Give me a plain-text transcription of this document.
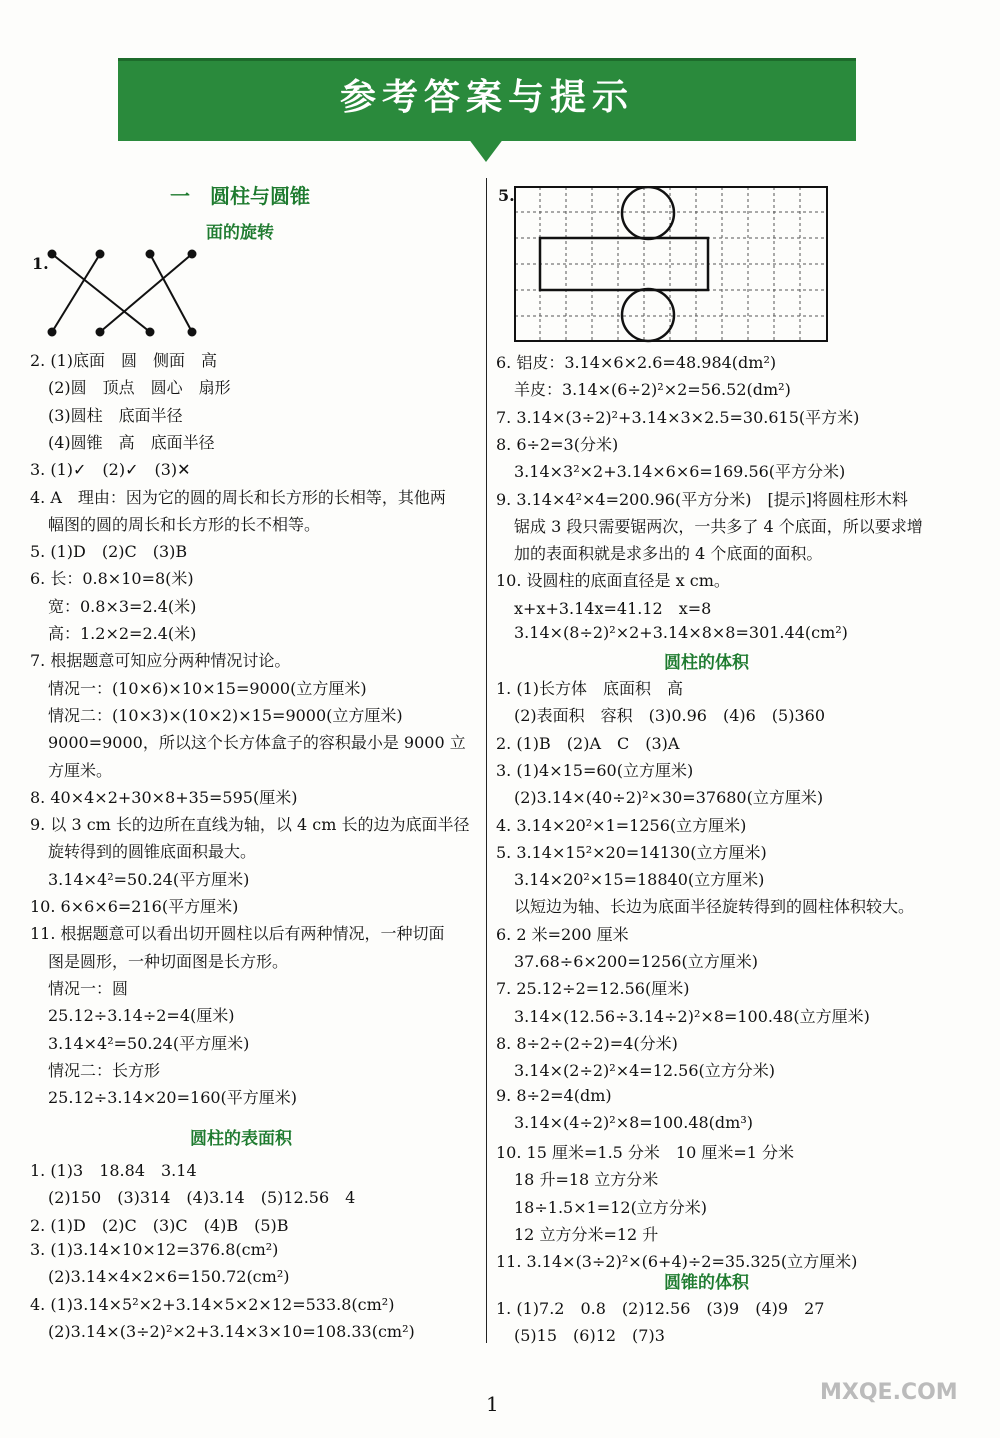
参考答案与提示
一　圆柱与圆锥
面的旋转
1.
2. (1)底面　圆　侧面　高
(2)圆　顶点　圆心　扇形
(3)圆柱　底面半径
(4)圆锥　高　底面半径
3. (1)✓　(2)✓　(3)✕
4. A　理由：因为它的圆的周长和长方形的长相等，其他两
幅图的圆的周长和长方形的长不相等。
5. (1)D　(2)C　(3)B
6. 长：0.8×10=8(米)
宽：0.8×3=2.4(米)
高：1.2×2=2.4(米)
7. 根据题意可知应分两种情况讨论。
情况一：(10×6)×10×15=9000(立方厘米)
情况二：(10×3)×(10×2)×15=9000(立方厘米)
9000=9000，所以这个长方体盒子的容积最小是 9000 立
方厘米。
8. 40×4×2+30×8+35=595(厘米)
9. 以 3 cm 长的边所在直线为轴，以 4 cm 长的边为底面半径
旋转得到的圆锥底面积最大。
3.14×4²=50.24(平方厘米)
10. 6×6×6=216(平方厘米)
11. 根据题意可以看出切开圆柱以后有两种情况，一种切面
图是圆形，一种切面图是长方形。
情况一：圆
25.12÷3.14÷2=4(厘米)
3.14×4²=50.24(平方厘米)
情况二：长方形
25.12÷3.14×20=160(平方厘米)
圆柱的表面积
1. (1)3　18.84　3.14
(2)150　(3)314　(4)3.14　(5)12.56　4
2. (1)D　(2)C　(3)C　(4)B　(5)B
3. (1)3.14×10×12=376.8(cm²)
(2)3.14×4×2×6=150.72(cm²)
4. (1)3.14×5²×2+3.14×5×2×12=533.8(cm²)
(2)3.14×(3÷2)²×2+3.14×3×10=108.33(cm²)
5.
6. 铝皮：3.14×6×2.6=48.984(dm²)
羊皮：3.14×(6÷2)²×2=56.52(dm²)
7. 3.14×(3÷2)²+3.14×3×2.5=30.615(平方米)
8. 6÷2=3(分米)
3.14×3²×2+3.14×6×6=169.56(平方分米)
9. 3.14×4²×4=200.96(平方分米)　[提示]将圆柱形木料
锯成 3 段只需要锯两次，一共多了 4 个底面，所以要求增
加的表面积就是求多出的 4 个底面的面积。
10. 设圆柱的底面直径是 x cm。
x+x+3.14x=41.12　x=8
3.14×(8÷2)²×2+3.14×8×8=301.44(cm²)
圆柱的体积
1. (1)长方体　底面积　高
(2)表面积　容积　(3)0.96　(4)6　(5)360
2. (1)B　(2)A　C　(3)A
3. (1)4×15=60(立方厘米)
(2)3.14×(40÷2)²×30=37680(立方厘米)
4. 3.14×20²×1=1256(立方厘米)
5. 3.14×15²×20=14130(立方厘米)
3.14×20²×15=18840(立方厘米)
以短边为轴、长边为底面半径旋转得到的圆柱体积较大。
6. 2 米=200 厘米
37.68÷6×200=1256(立方厘米)
7. 25.12÷2=12.56(厘米)
3.14×(12.56÷3.14÷2)²×8=100.48(立方厘米)
8. 8÷2÷(2÷2)=4(分米)
3.14×(2÷2)²×4=12.56(立方分米)
9. 8÷2=4(dm)
3.14×(4÷2)²×8=100.48(dm³)
10. 15 厘米=1.5 分米　10 厘米=1 分米
18 升=18 立方分米
18÷1.5×1=12(立方分米)
12 立方分米=12 升
11. 3.14×(3÷2)²×(6+4)÷2=35.325(立方厘米)
圆锥的体积
1. (1)7.2　0.8　(2)12.56　(3)9　(4)9　27
(5)15　(6)12　(7)3
1	MXQE.COM
